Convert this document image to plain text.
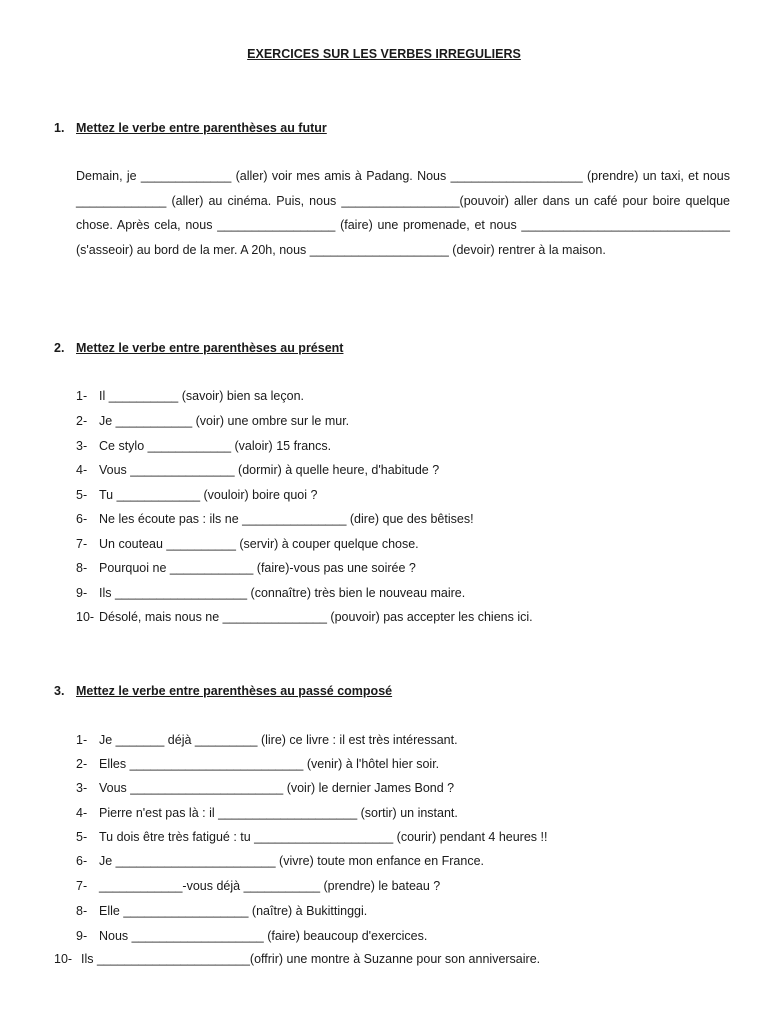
EXERCICES SUR LES VERBES IRREGULIERS
1. Mettez le verbe entre parenthèses au futur

Demain, je _____________ (aller) voir mes amis à Padang. Nous ___________________ (prendre) un taxi, et nous _____________ (aller) au cinéma. Puis, nous _________________(pouvoir) aller dans un café pour boire quelque chose. Après cela, nous _________________ (faire) une promenade, et nous ______________________________ (s'asseoir) au bord de la mer. A 20h, nous ____________________ (devoir) rentrer à la maison.

2. Mettez le verbe entre parenthèses au présent
1- Il __________ (savoir) bien sa leçon.
2- Je ___________ (voir) une ombre sur le mur.
3- Ce stylo ____________ (valoir) 15 francs.
4- Vous _______________ (dormir) à quelle heure, d'habitude ?
5- Tu ____________ (vouloir) boire quoi ?
6- Ne les écoute pas : ils ne _______________ (dire) que des bêtises!
7- Un couteau __________ (servir) à couper quelque chose.
8- Pourquoi ne ____________ (faire)-vous pas une soirée ?
9- Ils ___________________ (connaître) très bien le nouveau maire.
10- Désolé, mais nous ne _______________ (pouvoir) pas accepter les chiens ici.
3. Mettez le verbe entre parenthèses au passé composé
1- Je _______ déjà _________ (lire) ce livre : il est très intéressant.
2- Elles _________________________ (venir) à l'hôtel hier soir.
3- Vous ______________________ (voir) le dernier James Bond ?
4- Pierre n'est pas là : il ____________________ (sortir) un instant.
5- Tu dois être très fatigué : tu ____________________ (courir) pendant 4 heures !!
6- Je _______________________ (vivre) toute mon enfance en France.
7- ____________-vous déjà ___________ (prendre) le bateau ?
8- Elle __________________ (naître) à Bukittinggi.
9- Nous ___________________ (faire) beaucoup d'exercices.
10- Ils ______________________(offrir) une montre à Suzanne pour son anniversaire.
